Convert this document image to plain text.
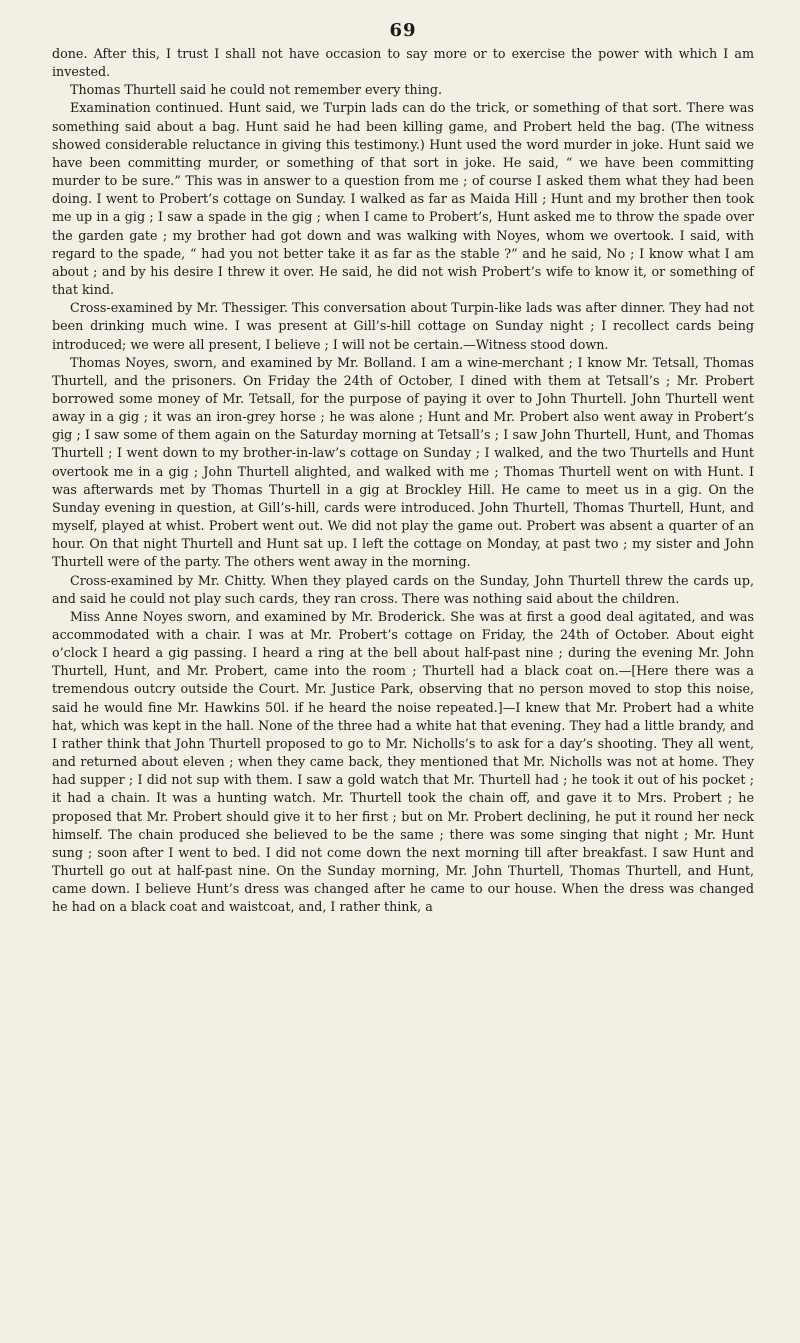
69

done. After this, I trust I shall not have occasion to say more or to exercise the power with which I am invested.

Thomas Thurtell said he could not remember every thing.

Examination continued. Hunt said, we Turpin lads can do the trick, or something of that sort. There was something said about a bag. Hunt said he had been killing game, and Probert held the bag. (The witness showed considerable reluctance in giving this testimony.) Hunt used the word murder in joke. Hunt said we have been committing murder, or something of that sort in joke. He said, “ we have been committing murder to be sure.” This was in answer to a question from me ; of course I asked them what they had been doing. I went to Probert’s cottage on Sunday. I walked as far as Maida Hill ; Hunt and my brother then took me up in a gig ; I saw a spade in the gig ; when I came to Probert’s, Hunt asked me to throw the spade over the garden gate ; my brother had got down and was walking with Noyes, whom we overtook. I said, with regard to the spade, “ had you not better take it as far as the stable ?” and he said, No ; I know what I am about ; and by his desire I threw it over. He said, he did not wish Probert’s wife to know it, or something of that kind.

Cross-examined by Mr. Thessiger. This conversation about Turpin-like lads was after dinner. They had not been drinking much wine. I was present at Gill’s-hill cottage on Sunday night ; I recollect cards being introduced; we were all present, I believe ; I will not be certain.—Witness stood down.

Thomas Noyes, sworn, and examined by Mr. Bolland. I am a wine-merchant ; I know Mr. Tetsall, Thomas Thurtell, and the prisoners. On Friday the 24th of October, I dined with them at Tetsall’s ; Mr. Probert borrowed some money of Mr. Tetsall, for the purpose of paying it over to John Thurtell. John Thurtell went away in a gig ; it was an iron-grey horse ; he was alone ; Hunt and Mr. Probert also went away in Probert’s gig ; I saw some of them again on the Saturday morning at Tetsall’s ; I saw John Thurtell, Hunt, and Thomas Thurtell ; I went down to my brother-in-law’s cottage on Sunday ; I walked, and the two Thurtells and Hunt overtook me in a gig ; John Thurtell alighted, and walked with me ; Thomas Thurtell went on with Hunt. I was afterwards met by Thomas Thurtell in a gig at Brockley Hill. He came to meet us in a gig. On the Sunday evening in question, at Gill’s-hill, cards were introduced. John Thurtell, Thomas Thurtell, Hunt, and myself, played at whist. Probert went out. We did not play the game out. Probert was absent a quarter of an hour. On that night Thurtell and Hunt sat up. I left the cottage on Monday, at past two ; my sister and John Thurtell were of the party. The others went away in the morning.

Cross-examined by Mr. Chitty. When they played cards on the Sunday, John Thurtell threw the cards up, and said he could not play such cards, they ran cross. There was nothing said about the children.

Miss Anne Noyes sworn, and examined by Mr. Broderick. She was at first a good deal agitated, and was accommodated with a chair. I was at Mr. Probert’s cottage on Friday, the 24th of October. About eight o’clock I heard a gig passing. I heard a ring at the bell about half-past nine ; during the evening Mr. John Thurtell, Hunt, and Mr. Probert, came into the room ; Thurtell had a black coat on.—[Here there was a tremendous outcry outside the Court. Mr. Justice Park, observing that no person moved to stop this noise, said he would fine Mr. Hawkins 50l. if he heard the noise repeated.]—I knew that Mr. Probert had a white hat, which was kept in the hall. None of the three had a white hat that evening. They had a little brandy, and I rather think that John Thurtell proposed to go to Mr. Nicholls’s to ask for a day’s shooting. They all went, and returned about eleven ; when they came back, they mentioned that Mr. Nicholls was not at home. They had supper ; I did not sup with them. I saw a gold watch that Mr. Thurtell had ; he took it out of his pocket ; it had a chain. It was a hunting watch. Mr. Thurtell took the chain off, and gave it to Mrs. Probert ; he proposed that Mr. Probert should give it to her first ; but on Mr. Probert declining, he put it round her neck himself. The chain produced she believed to be the same ; there was some singing that night ; Mr. Hunt sung ; soon after I went to bed. I did not come down the next morning till after breakfast. I saw Hunt and Thurtell go out at half-past nine. On the Sunday morning, Mr. John Thurtell, Thomas Thurtell, and Hunt, came down. I believe Hunt’s dress was changed after he came to our house. When the dress was changed he had on a black coat and waistcoat, and, I rather think, a
